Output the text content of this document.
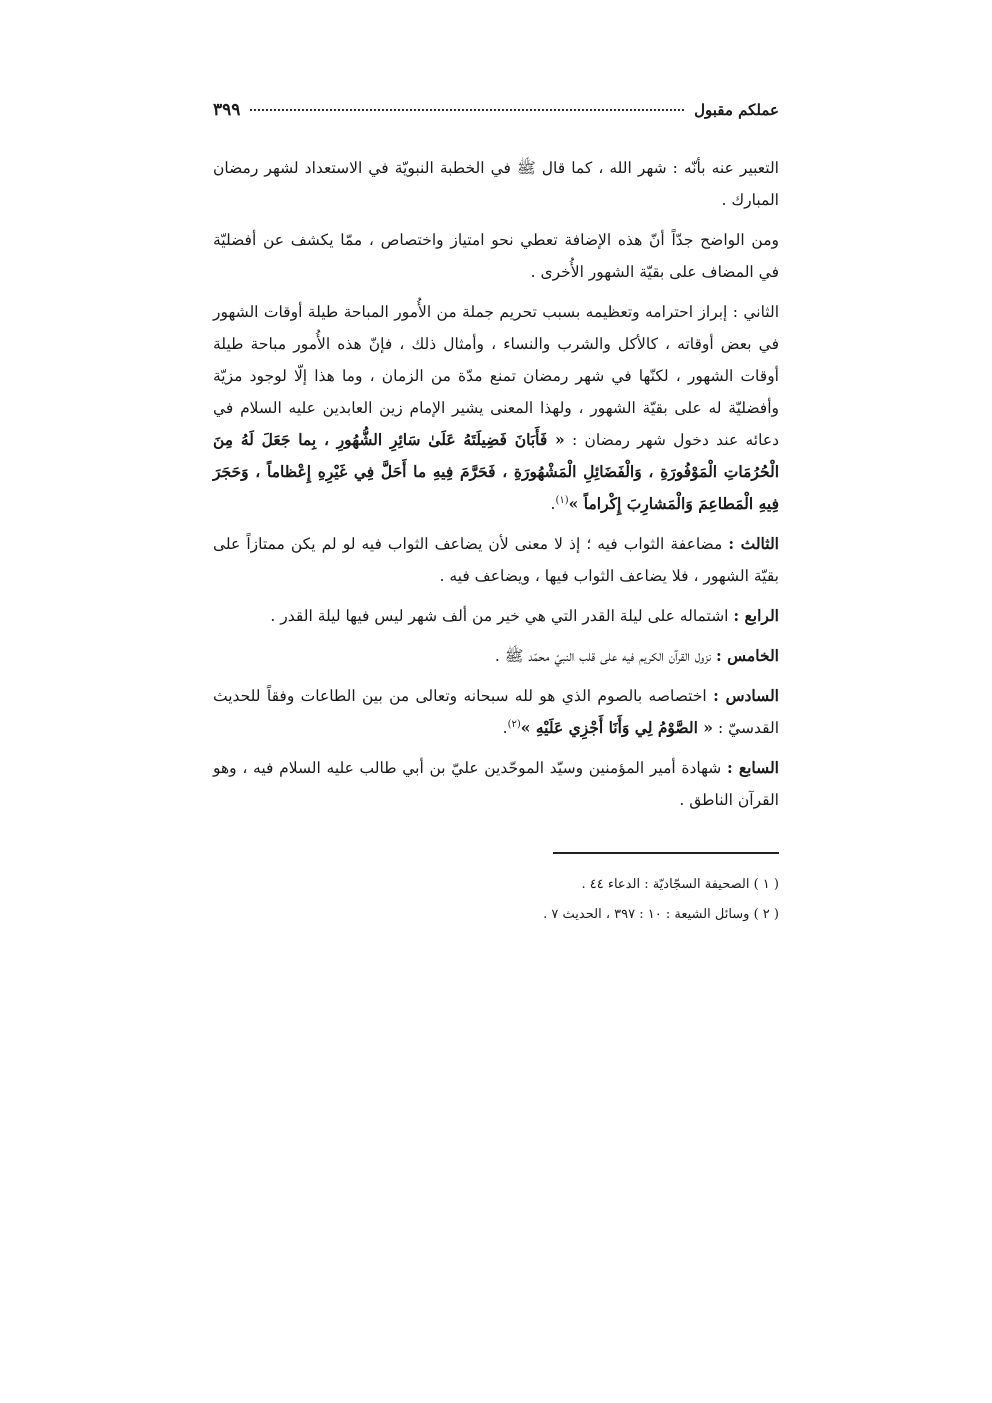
عملكم مقبول
٣٩٩

التعبير عنه بأنّه : شهر الله ، كما قال ﷺ في الخطبة النبويّة في الاستعداد لشهر رمضان المبارك .

ومن الواضح جدّاً أنّ هذه الإضافة تعطي نحو امتياز واختصاص ، ممّا يكشف عن أفضليّة في المضاف على بقيّة الشهور الأُخرى .

الثاني : إبراز احترامه وتعظيمه بسبب تحريم جملة من الأُمور المباحة طيلة أوقات الشهور في بعض أوقاته ، كالأكل والشرب والنساء ، وأمثال ذلك ، فإنّ هذه الأُمور مباحة طيلة أوقات الشهور ، لكنّها في شهر رمضان تمنع مدّة من الزمان ، وما هذا إلّا لوجود مزيّة وأفضليّة له على بقيّة الشهور ، ولهذا المعنى يشير الإمام زين العابدين عليه السلام في دعائه عند دخول شهر رمضان : « فَأَبَانَ فَضِيلَتَهُ عَلَىٰ سَائِرِ الشُّهُورِ ، بِما جَعَلَ لَهُ مِنَ الْحُرُمَاتِ الْمَوْفُورَةِ ، وَالْفَضَائِلِ الْمَشْهُورَةِ ، فَحَرَّمَ فِيهِ ما أَحَلَّ فِي غَيْرِهِ إِعْظاماً ، وَحَجَرَ فِيهِ الْمَطاعِمَ وَالْمَشارِبَ إِكْراماً »$^{(١)}$.

الثالث : مضاعفة الثواب فيه ؛ إذ لا معنى لأن يضاعف الثواب فيه لو لم يكن ممتازاً على بقيّة الشهور ، فلا يضاعف الثواب فيها ، ويضاعف فيه .

الرابع : اشتماله على ليلة القدر التي هي خير من ألف شهر ليس فيها ليلة القدر .

الخامس : نزول القرآن الكريم فيه على قلب النبيّ محمّد ﷺ .

السادس : اختصاصه بالصوم الذي هو لله سبحانه وتعالى من بين الطاعات وفقاً للحديث القدسيّ : « الصَّوْمُ لِي وَأَنَا أَجْزِي عَلَيْهِ »$^{(٢)}$.

السابع : شهادة أمير المؤمنين وسيّد الموحّدين عليّ بن أبي طالب عليه السلام فيه ، وهو القرآن الناطق .

( ١ ) الصحيفة السجّاديّة : الدعاء ٤٤ .
( ٢ ) وسائل الشيعة : ١٠ : ٣٩٧ ، الحديث ٧ .
